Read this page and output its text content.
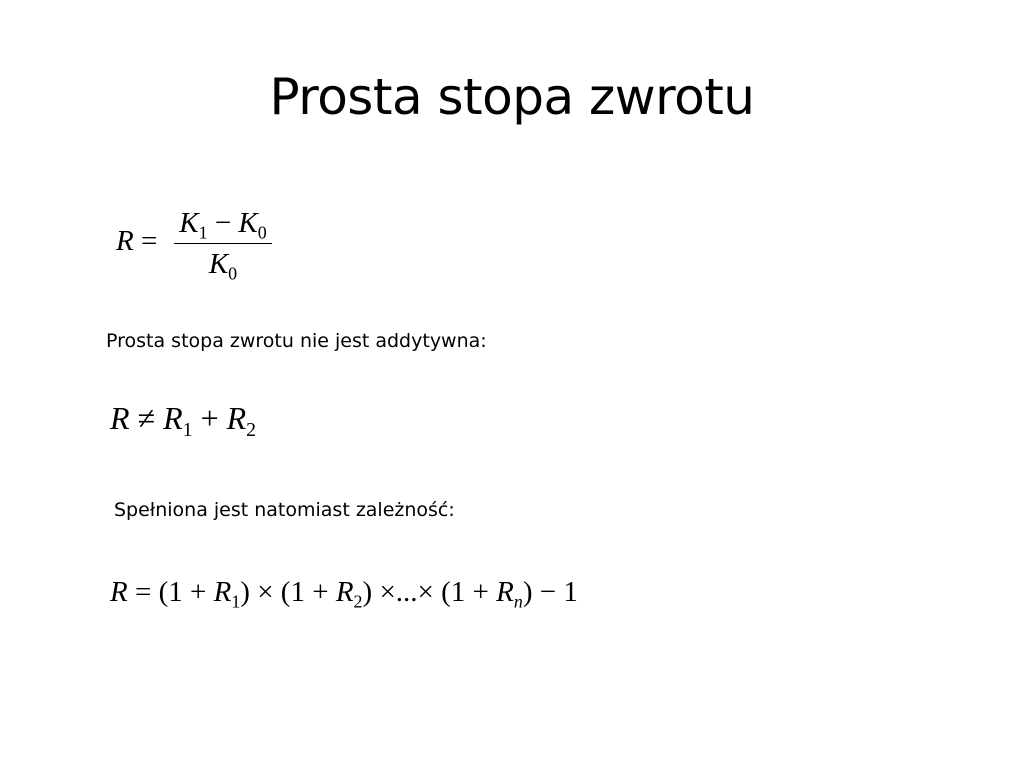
Prosta stopa zwrotu
R =
$K_1 - K_0$
$K_0$
Prosta stopa zwrotu nie jest addytywna:
$R \ne R_1 + R_2$
Spełniona jest natomiast zależność:
$R = (1 + R_1) \times (1 + R_2)$ ×...× $(1 + R_n) - 1$
